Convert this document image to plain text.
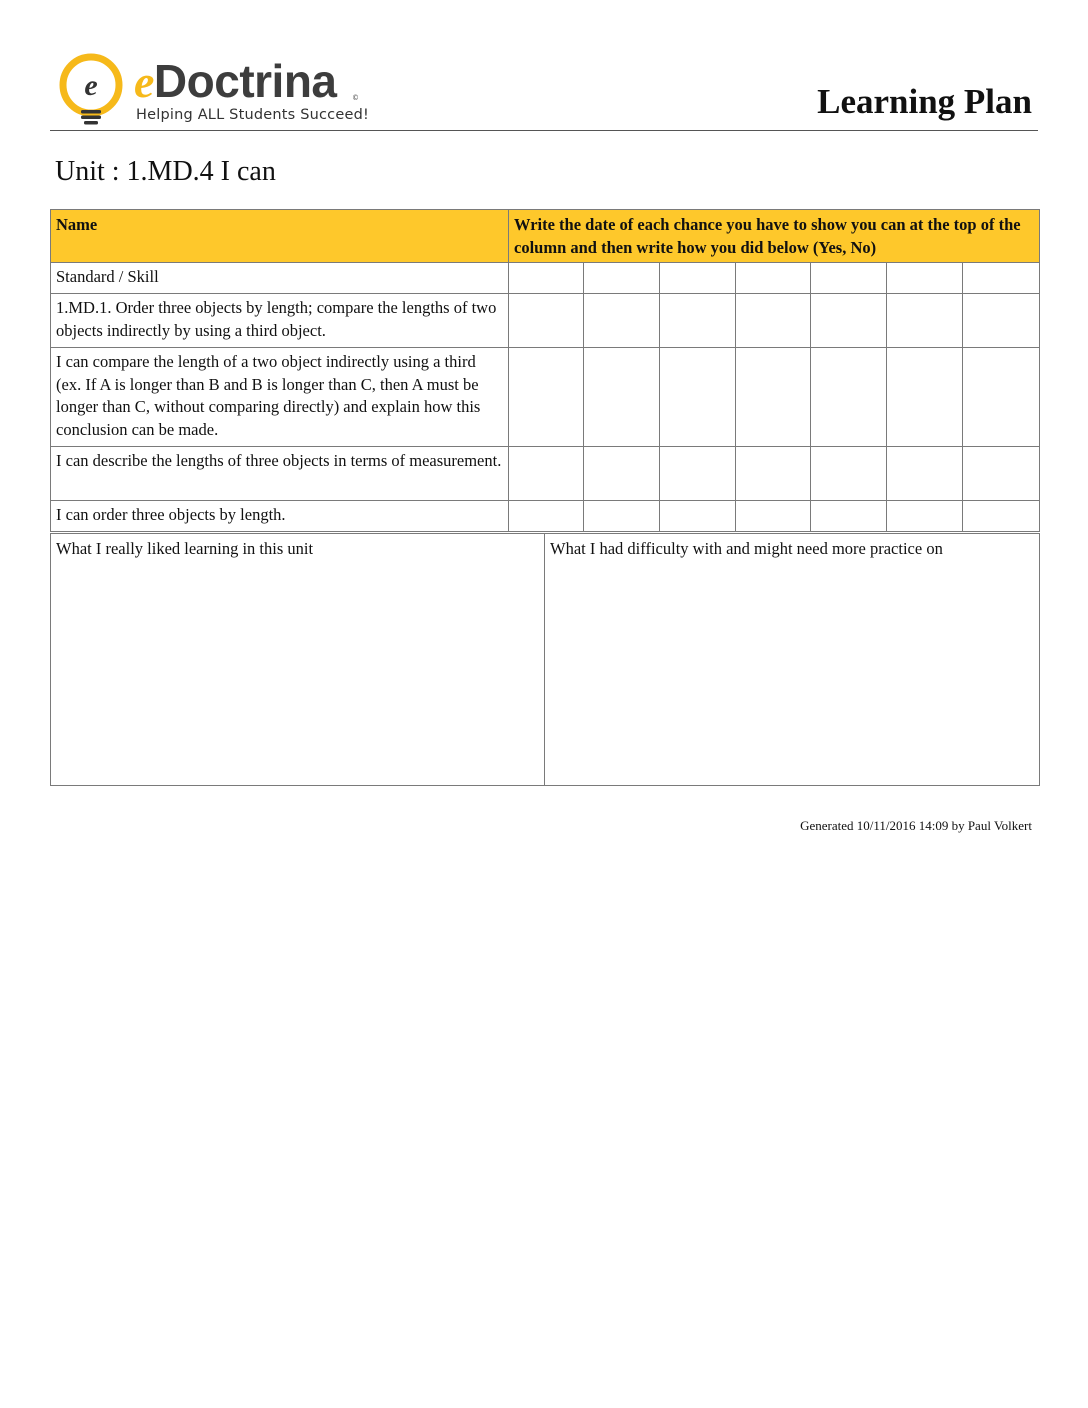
e eDoctrina ©
Helping ALL Students Succeed!	Learning Plan
Unit : 1.MD.4 I can
Name	Write the date of each chance you have to show you can at the top of the column and then write how you did below (Yes, No)						
Standard / Skill							
1.MD.1. Order three objects by length; compare the lengths of two objects indirectly by using a third object.							
I can compare the length of a two object indirectly using a third (ex. If A is longer than B and B is longer than C, then A must be longer than C, without comparing directly) and explain how this conclusion can be made.							
I can describe the lengths of three objects in terms of measurement.							
I can order three objects by length.							
What I really liked learning in this unit	What I had difficulty with and might need more practice on
Generated 10/11/2016 14:09 by Paul Volkert
